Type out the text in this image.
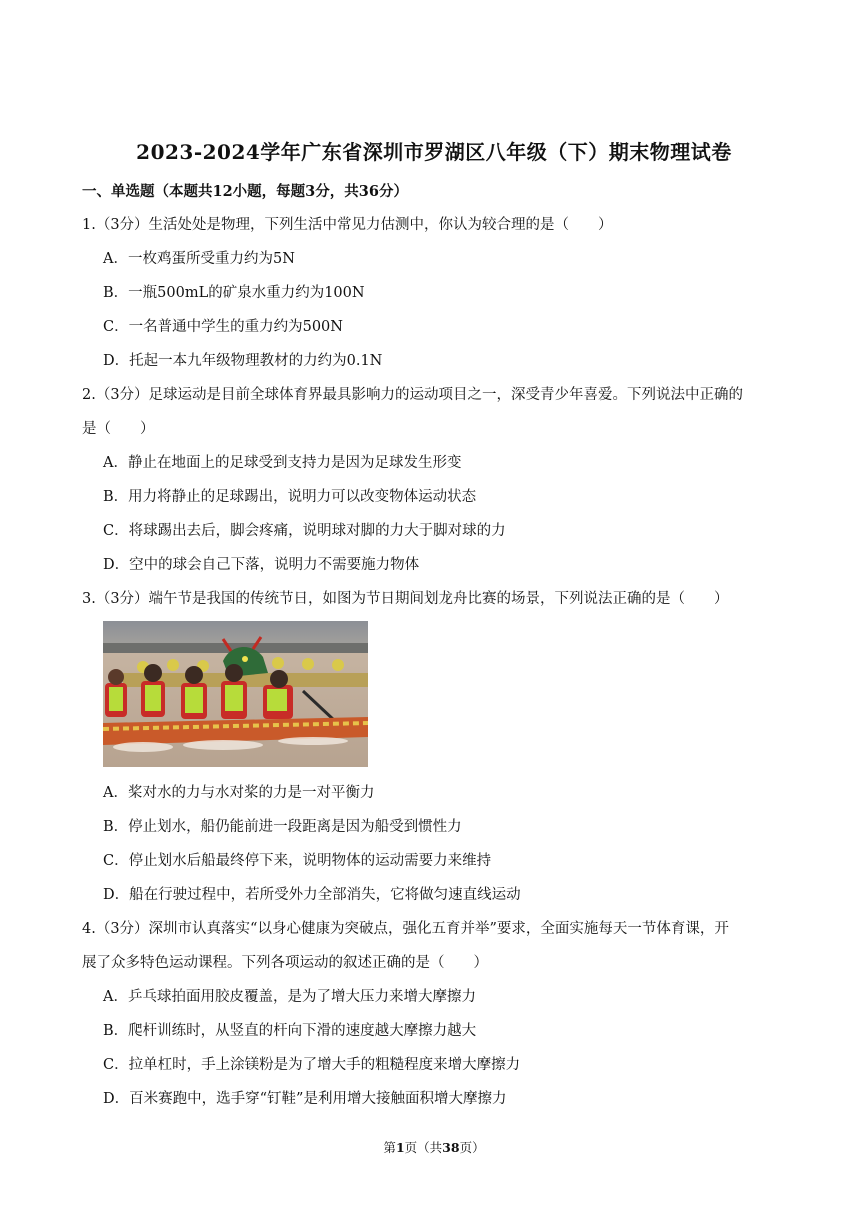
2023-2024学年广东省深圳市罗湖区八年级（下）期末物理试卷
一、单选题（本题共12小题，每题3分，共36分）
1.（3分）生活处处是物理，下列生活中常见力估测中，你认为较合理的是（　　）
A．一枚鸡蛋所受重力约为5N
B．一瓶500mL的矿泉水重力约为100N
C．一名普通中学生的重力约为500N
D．托起一本九年级物理教材的力约为0.1N
2.（3分）足球运动是目前全球体育界最具影响力的运动项目之一，深受青少年喜爱。下列说法中正确的
是（　　）
A．静止在地面上的足球受到支持力是因为足球发生形变
B．用力将静止的足球踢出，说明力可以改变物体运动状态
C．将球踢出去后，脚会疼痛，说明球对脚的力大于脚对球的力
D．空中的球会自己下落，说明力不需要施力物体
3.（3分）端午节是我国的传统节日，如图为节日期间划龙舟比赛的场景，下列说法正确的是（　　）
A．桨对水的力与水对桨的力是一对平衡力
B．停止划水，船仍能前进一段距离是因为船受到惯性力
C．停止划水后船最终停下来，说明物体的运动需要力来维持
D．船在行驶过程中，若所受外力全部消失，它将做匀速直线运动
4.（3分）深圳市认真落实“以身心健康为突破点，强化五育并举”要求，全面实施每天一节体育课，开
展了众多特色运动课程。下列各项运动的叙述正确的是（　　）
A．乒乓球拍面用胶皮覆盖，是为了增大压力来增大摩擦力
B．爬杆训练时，从竖直的杆向下滑的速度越大摩擦力越大
C．拉单杠时，手上涂镁粉是为了增大手的粗糙程度来增大摩擦力
D．百米赛跑中，选手穿“钉鞋”是利用增大接触面积增大摩擦力
第1页（共38页）
